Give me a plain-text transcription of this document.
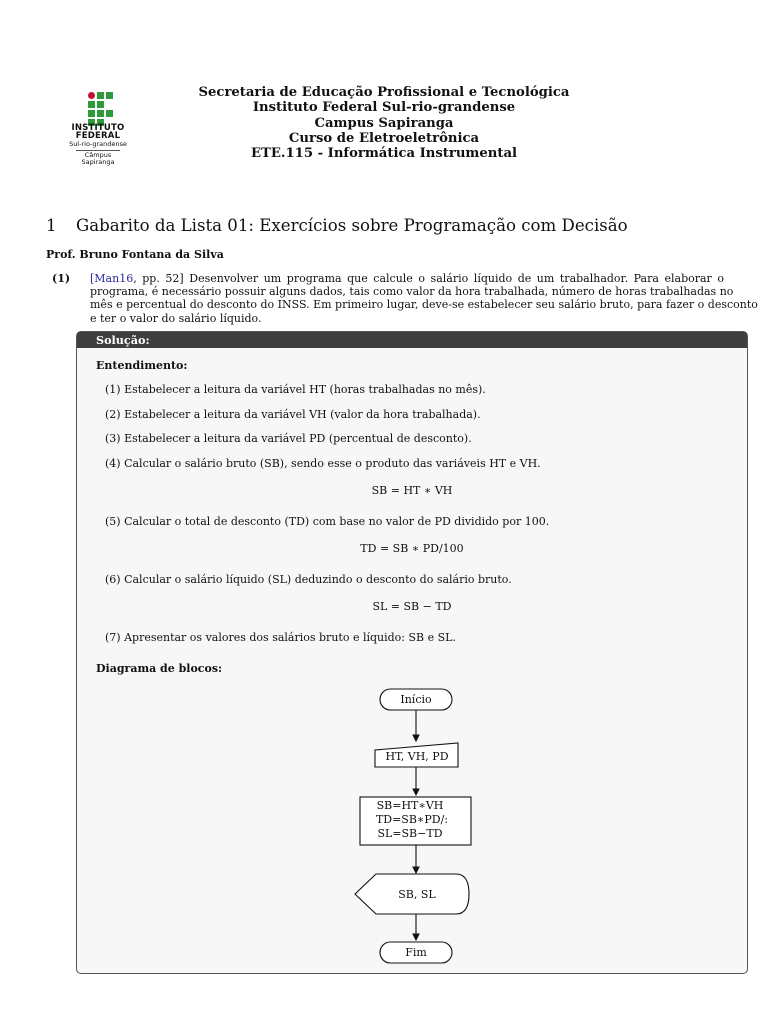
INSTITUTO
FEDERAL
Sul-rio-grandense
Câmpus
Sapiranga
Secretaria de Educação Profissional e Tecnológica
Instituto Federal Sul-rio-grandense
Campus Sapiranga
Curso de Eletroeletrônica
ETE.115 - Informática Instrumental
1 Gabarito da Lista 01: Exercícios sobre Programação com Decisão
Prof. Bruno Fontana da Silva
(1) [Man16, pp. 52] Desenvolver um programa que calcule o salário líquido de um trabalhador. Para elaborar o
programa, é necessário possuir alguns dados, tais como valor da hora trabalhada, número de horas trabalhadas no
mês e percentual do desconto do INSS. Em primeiro lugar, deve-se estabelecer seu salário bruto, para fazer o desconto
e ter o valor do salário líquido.
Solução:
Entendimento:
(1) Estabelecer a leitura da variável HT (horas trabalhadas no mês).
(2) Estabelecer a leitura da variável VH (valor da hora trabalhada).
(3) Estabelecer a leitura da variável PD (percentual de desconto).
(4) Calcular o salário bruto (SB), sendo esse o produto das variáveis HT e VH.
SB = HT ∗ VH
(5) Calcular o total de desconto (TD) com base no valor de PD dividido por 100.
TD = SB ∗ PD/100
(6) Calcular o salário líquido (SL) deduzindo o desconto do salário bruto.
SL = SB − TD
(7) Apresentar os valores dos salários bruto e líquido: SB e SL.
Diagrama de blocos:
Início
HT, VH, PD
SB=HT∗VH
TD=SB∗PD/:
SL=SB−TD
SB, SL
Fim
